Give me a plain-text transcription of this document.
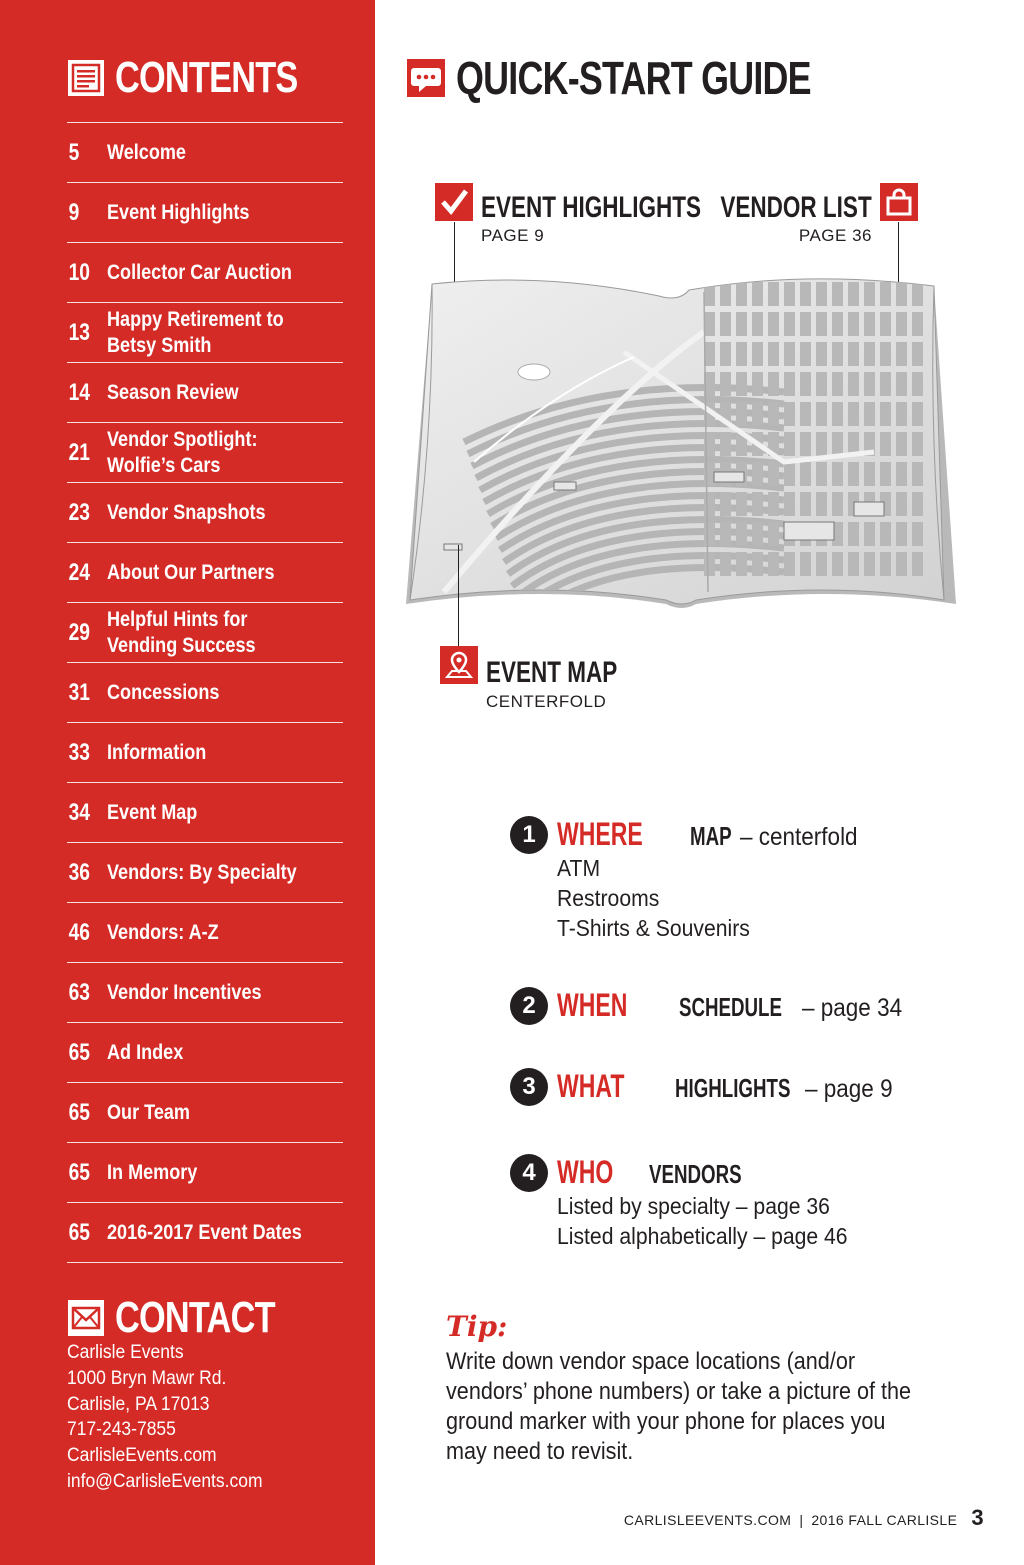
CONTENTS
5	Welcome
9	Event Highlights
10 Collector Car Auction
13 Happy Retirement to
Betsy Smith
14 Season Review
21 Vendor Spotlight:
Wolfie’s Cars
23 Vendor Snapshots
24 About Our Partners
29 Helpful Hints for
Vending Success
31 Concessions
33 Information
34 Event Map
36 Vendors: By Specialty
46 Vendors: A-Z
63 Vendor Incentives
65 Ad Index
65 Our Team
65 In Memory
65 2016-2017 Event Dates
CONTACT
Carlisle Events
1000 Bryn Mawr Rd.
Carlisle, PA 17013
717-243-7855
CarlisleEvents.com
info@CarlisleEvents.com
QUICK-START GUIDE
EVENT HIGHLIGHTS
PAGE 9
VENDOR LIST
PAGE 36
EVENT MAP
CENTERFOLD
1 WHERE MAP – centerfold
ATM
Restrooms
T-Shirts & Souvenirs
2 WHEN SCHEDULE – page 34
3 WHAT HIGHLIGHTS – page 9
4 WHO VENDORS
Listed by specialty – page 36
Listed alphabetically – page 46
Tip:
Write down vendor space locations (and/or vendors’ phone numbers) or take a picture of the ground marker with your phone for places you may need to revisit.
CARLISLEEVENTS.COM | 2016 FALL CARLISLE 3
